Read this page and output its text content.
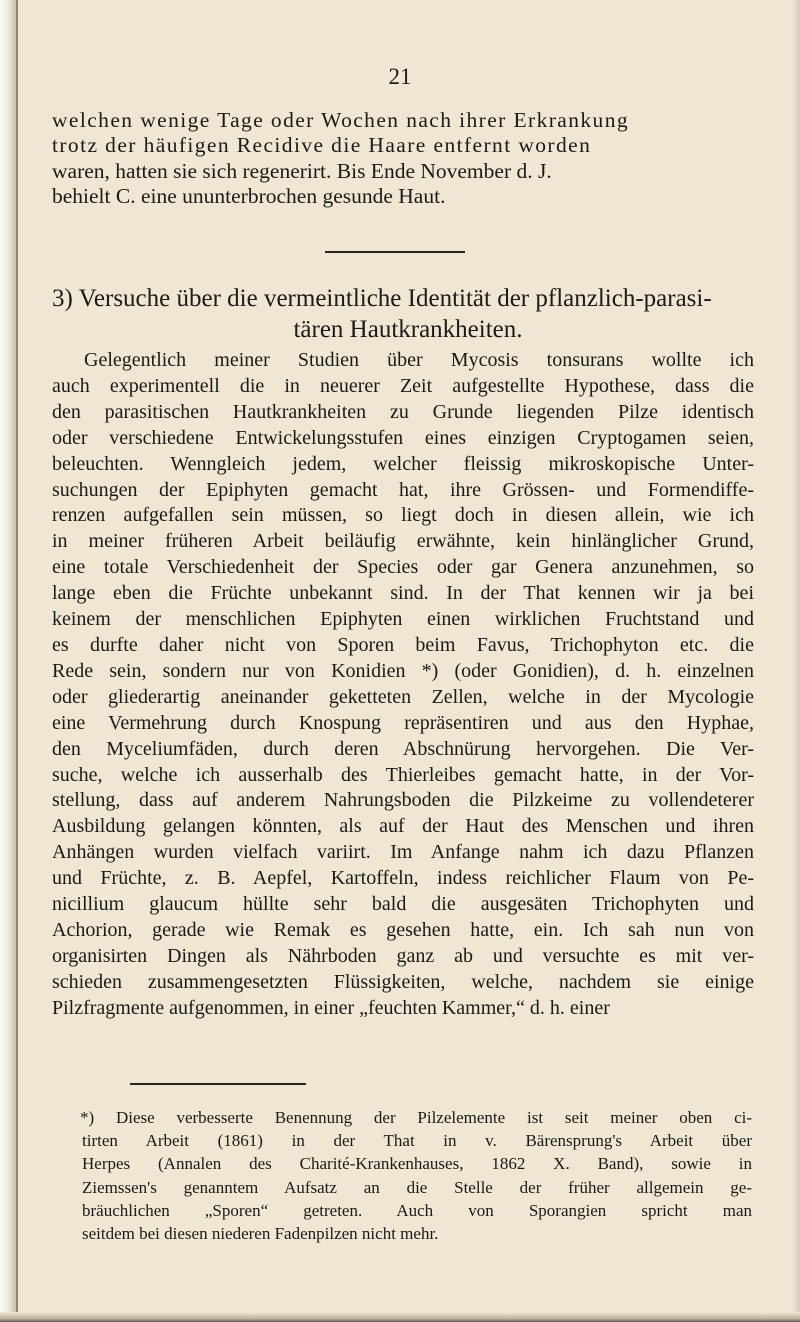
21
welchen wenige Tage oder Wochen nach ihrer Erkrankung
trotz der häufigen Recidive die Haare entfernt worden
waren, hatten sie sich regenerirt. Bis Ende November d. J.
behielt C. eine ununterbrochen gesunde Haut.
3) Versuche über die vermeintliche Identität der pflanzlich-parasi-
tären Hautkrankheiten.
Gelegentlich meiner Studien über Mycosis tonsurans wollte ich
auch experimentell die in neuerer Zeit aufgestellte Hypothese, dass die
den parasitischen Hautkrankheiten zu Grunde liegenden Pilze identisch
oder verschiedene Entwickelungsstufen eines einzigen Cryptogamen seien,
beleuchten. Wenngleich jedem, welcher fleissig mikroskopische Unter-
suchungen der Epiphyten gemacht hat, ihre Grössen- und Formendiffe-
renzen aufgefallen sein müssen, so liegt doch in diesen allein, wie ich
in meiner früheren Arbeit beiläufig erwähnte, kein hinlänglicher Grund,
eine totale Verschiedenheit der Species oder gar Genera anzunehmen, so
lange eben die Früchte unbekannt sind. In der That kennen wir ja bei
keinem der menschlichen Epiphyten einen wirklichen Fruchtstand und
es durfte daher nicht von Sporen beim Favus, Trichophyton etc. die
Rede sein, sondern nur von Konidien *) (oder Gonidien), d. h. einzelnen
oder gliederartig aneinander geketteten Zellen, welche in der Mycologie
eine Vermehrung durch Knospung repräsentiren und aus den Hyphae,
den Myceliumfäden, durch deren Abschnürung hervorgehen. Die Ver-
suche, welche ich ausserhalb des Thierleibes gemacht hatte, in der Vor-
stellung, dass auf anderem Nahrungsboden die Pilzkeime zu vollendeterer
Ausbildung gelangen könnten, als auf der Haut des Menschen und ihren
Anhängen wurden vielfach variirt. Im Anfange nahm ich dazu Pflanzen
und Früchte, z. B. Aepfel, Kartoffeln, indess reichlicher Flaum von Pe-
nicillium glaucum hüllte sehr bald die ausgesäten Trichophyten und
Achorion, gerade wie Remak es gesehen hatte, ein. Ich sah nun von
organisirten Dingen als Nährboden ganz ab und versuchte es mit ver-
schieden zusammengesetzten Flüssigkeiten, welche, nachdem sie einige
Pilzfragmente aufgenommen, in einer „feuchten Kammer,“ d. h. einer
*) Diese verbesserte Benennung der Pilzelemente ist seit meiner oben ci-
tirten Arbeit (1861) in der That in v. Bärensprung's Arbeit über
Herpes (Annalen des Charité-Krankenhauses, 1862 X. Band), sowie in
Ziemssen's genanntem Aufsatz an die Stelle der früher allgemein ge-
bräuchlichen „Sporen“ getreten. Auch von Sporangien spricht man
seitdem bei diesen niederen Fadenpilzen nicht mehr.
